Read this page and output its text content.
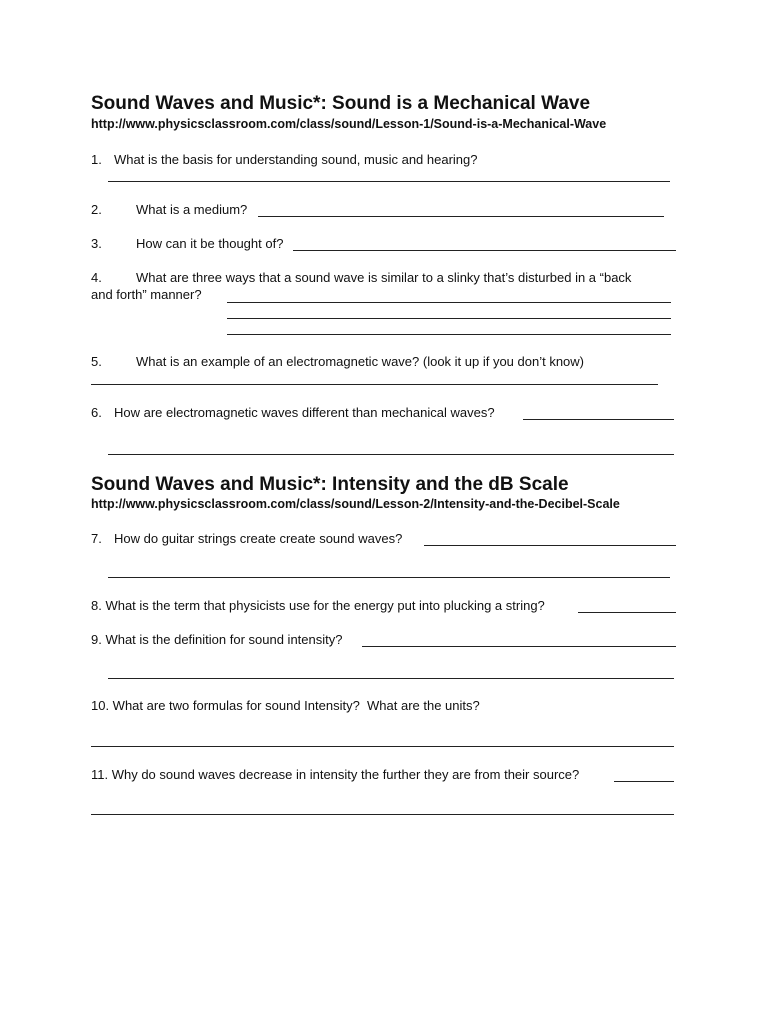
Sound Waves and Music*: Sound is a Mechanical Wave
http://www.physicsclassroom.com/class/sound/Lesson-1/Sound-is-a-Mechanical-Wave
1. What is the basis for understanding sound, music and hearing?
2.	What is a medium?
3.	How can it be thought of?
4.	What are three ways that a sound wave is similar to a slinky that’s disturbed in a “back
and forth” manner?
5.	What is an example of an electromagnetic wave? (look it up if you don’t know)
6. How are electromagnetic waves different than mechanical waves?
Sound Waves and Music*: Intensity and the dB Scale
http://www.physicsclassroom.com/class/sound/Lesson-2/Intensity-and-the-Decibel-Scale
7. How do guitar strings create create sound waves?
8. What is the term that physicists use for the energy put into plucking a string?
9. What is the definition for sound intensity?
10. What are two formulas for sound Intensity?  What are the units?
11. Why do sound waves decrease in intensity the further they are from their source?
